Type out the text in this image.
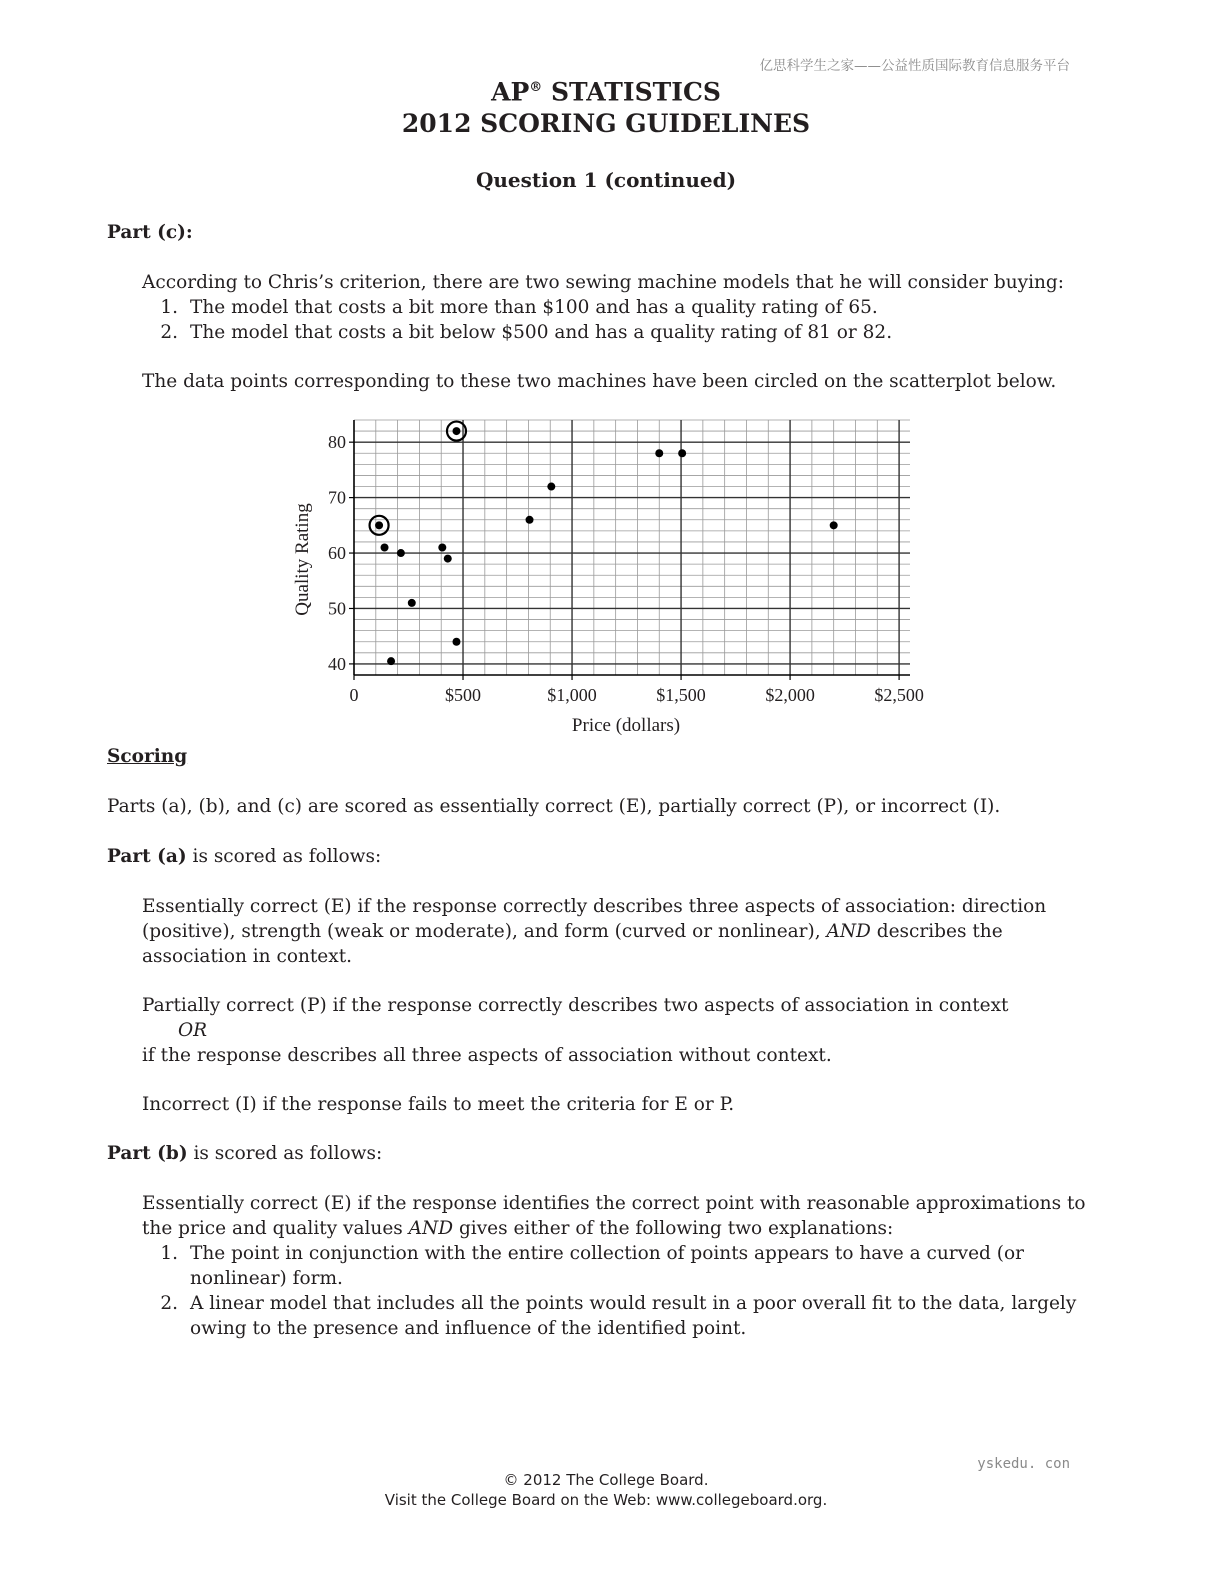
亿思科学生之家——公益性质国际教育信息服务平台
AP® STATISTICS
2012 SCORING GUIDELINES
Question 1 (continued)
Part (c):
According to Chris’s criterion, there are two sewing machine models that he will consider buying:
1. The model that costs a bit more than $100 and has a quality rating of 65.
2. The model that costs a bit below $500 and has a quality rating of 81 or 82.
The data points corresponding to these two machines have been circled on the scatterplot below.
0	$500	$1,000	$1,500	$2,000	$2,500
40
50
60
70
80
Price (dollars)
Quality Rating
Scoring
Parts (a), (b), and (c) are scored as essentially correct (E), partially correct (P), or incorrect (I).
Part (a) is scored as follows:
Essentially correct (E) if the response correctly describes three aspects of association: direction (positive), strength (weak or moderate), and form (curved or nonlinear), AND describes the association in context.
Partially correct (P) if the response correctly describes two aspects of association in context
OR
if the response describes all three aspects of association without context.
Incorrect (I) if the response fails to meet the criteria for E or P.
Part (b) is scored as follows:
Essentially correct (E) if the response identifies the correct point with reasonable approximations to the price and quality values AND gives either of the following two explanations:
1. The point in conjunction with the entire collection of points appears to have a curved (or nonlinear) form.
2. A linear model that includes all the points would result in a poor overall fit to the data, largely owing to the presence and influence of the identified point.
yskedu. con
© 2012 The College Board.
Visit the College Board on the Web: www.collegeboard.org.
